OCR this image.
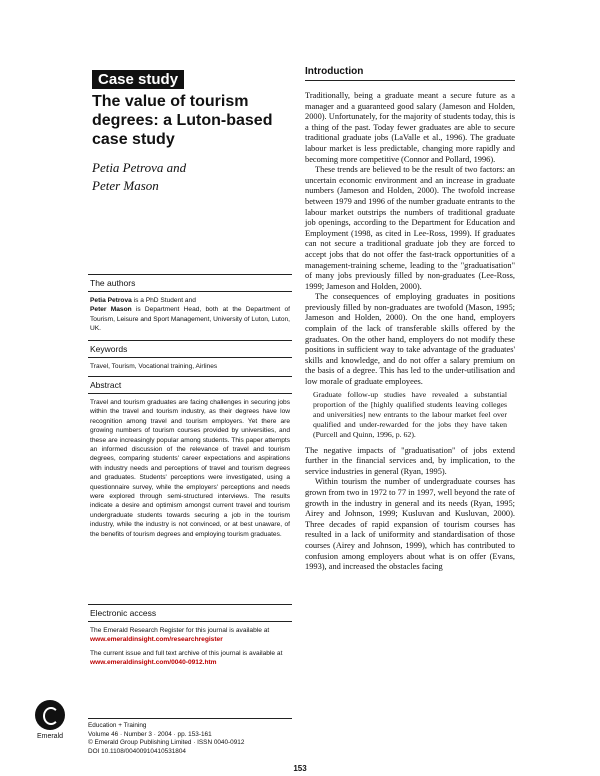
Case study
The value of tourism degrees: a Luton-based case study
Petia Petrova and
Peter Mason
The authors

Petia Petrova is a PhD Student and
Peter Mason is Department Head, both at the Department of Tourism, Leisure and Sport Management, University of Luton, Luton, UK.

Keywords

Travel, Tourism, Vocational training, Airlines

Abstract

Travel and tourism graduates are facing challenges in securing jobs within the travel and tourism industry, as their degrees have low recognition among travel and tourism employers. Yet there are growing numbers of tourism courses provided by universities, and these are increasingly popular among students. This paper attempts an informed discussion of the relevance of travel and tourism degrees, comparing students' career expectations and aspirations with industry needs and perceptions of travel and tourism degrees and graduates. Students' perceptions were investigated, using a questionnaire survey, while the employers' perceptions and needs were explored through semi-structured interviews. The results indicate a desire and optimism amongst current travel and tourism undergraduate students towards securing a job in the tourism industry, while the industry is not convinced, or at best unaware, of the benefits of tourism degrees and employing tourism graduates.

Electronic access

The Emerald Research Register for this journal is available at

www.emeraldinsight.com/researchregister

The current issue and full text archive of this journal is available at

www.emeraldinsight.com/0040-0912.htm

Emerald
Education + Training
Volume 46 · Number 3 · 2004 · pp. 153-161
© Emerald Group Publishing Limited · ISSN 0040-0912
DOI 10.1108/00400910410531804
Introduction

Traditionally, being a graduate meant a secure future as a manager and a guaranteed good salary (Jameson and Holden, 2000). Unfortunately, for the majority of students today, this is a thing of the past. Today fewer graduates are able to secure traditional graduate jobs (LaValle et al., 1996). The graduate labour market is less predictable, changing more rapidly and becoming more competitive (Connor and Pollard, 1996).

These trends are believed to be the result of two factors: an uncertain economic environment and an increase in graduate numbers (Jameson and Holden, 2000). The twofold increase between 1979 and 1996 of the number graduate entrants to the labour market outstrips the numbers of traditional graduate job openings, according to the Department for Education and Employment (1998, as cited in Lee-Ross, 1999). If graduates can not secure a traditional graduate job they are forced to accept jobs that do not offer the fast-track opportunities of a management-training scheme, leading to the "graduatisation" of many jobs previously filled by non-graduates (Lee-Ross, 1999; Jameson and Holden, 2000).

The consequences of employing graduates in positions previously filled by non-graduates are twofold (Mason, 1995; Jameson and Holden, 2000). On the one hand, employers complain of the lack of transferable skills offered by the graduates. On the other hand, employers do not modify these positions in sufficient way to take advantage of the graduates' skills and knowledge, and do not offer a salary premium on the basis of a degree. This has led to the under-utilisation and low morale of graduate employees.

Graduate follow-up studies have revealed a substantial proportion of the [highly qualified students leaving colleges and universities] new entrants to the labour market feel over qualified and under-rewarded for the jobs they have taken (Purcell and Quinn, 1996, p. 62).

The negative impacts of "graduatisation" of jobs extend further in the financial services and, by implication, to the service industries in general (Ryan, 1995).

Within tourism the number of undergraduate courses has grown from two in 1972 to 77 in 1997, well beyond the rate of growth in the industry in general and its needs (Ryan, 1995; Airey and Johnson, 1999; Kusluvan and Kusluvan, 2000). Three decades of rapid expansion of tourism courses has resulted in a lack of uniformity and standardisation of those courses (Airey and Johnson, 1999), which has contributed to confusion among employers about what is on offer (Evans, 1993), and increased the obstacles facing

153
